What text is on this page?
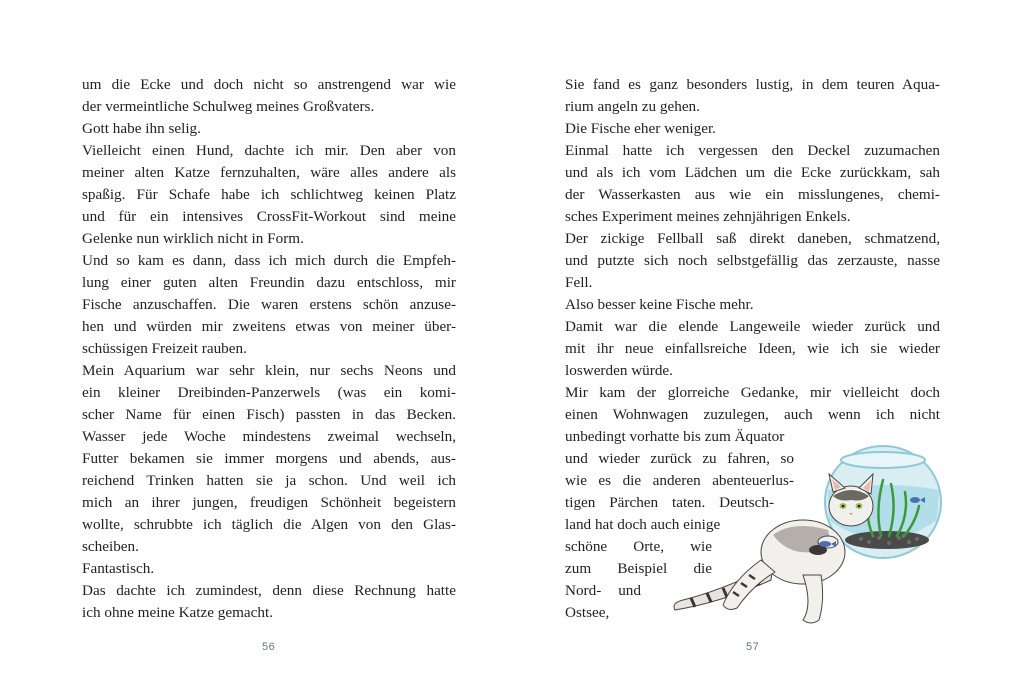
um die Ecke und doch nicht so anstrengend war wie
der vermeintliche Schulweg meines Großvaters.
Gott habe ihn selig.
Vielleicht einen Hund, dachte ich mir. Den aber von
meiner alten Katze fernzuhalten, wäre alles andere als
spaßig. Für Schafe habe ich schlichtweg keinen Platz
und für ein intensives CrossFit-Workout sind meine
Gelenke nun wirklich nicht in Form.
Und so kam es dann, dass ich mich durch die Empfeh-
lung einer guten alten Freundin dazu entschloss, mir
Fische anzuschaffen. Die waren erstens schön anzuse-
hen und würden mir zweitens etwas von meiner über-
schüssigen Freizeit rauben.
Mein Aquarium war sehr klein, nur sechs Neons und
ein kleiner Dreibinden-Panzerwels (was ein komi-
scher Name für einen Fisch) passten in das Becken.
Wasser jede Woche mindestens zweimal wechseln,
Futter bekamen sie immer morgens und abends, aus-
reichend Trinken hatten sie ja schon. Und weil ich
mich an ihrer jungen, freudigen Schönheit begeistern
wollte, schrubbte ich täglich die Algen von den Glas-
scheiben.
Fantastisch.
Das dachte ich zumindest, denn diese Rechnung hatte
ich ohne meine Katze gemacht.
56
Sie fand es ganz besonders lustig, in dem teuren Aqua-
rium angeln zu gehen.
Die Fische eher weniger.
Einmal hatte ich vergessen den Deckel zuzumachen
und als ich vom Lädchen um die Ecke zurückkam, sah
der Wasserkasten aus wie ein misslungenes, chemi-
sches Experiment meines zehnjährigen Enkels.
Der zickige Fellball saß direkt daneben, schmatzend,
und putzte sich noch selbstgefällig das zerzauste, nasse
Fell.
Also besser keine Fische mehr.
Damit war die elende Langeweile wieder zurück und
mit ihr neue einfallsreiche Ideen, wie ich sie wieder
loswerden würde.
Mir kam der glorreiche Gedanke, mir vielleicht doch
einen Wohnwagen zuzulegen, auch wenn ich nicht
unbedingt vorhatte bis zum Äquator
und wieder zurück zu fahren, so
wie es die anderen abenteuerlus-
tigen Pärchen taten. Deutsch-
land hat doch auch einige
schöne Orte, wie
zum Beispiel die
Nord- und
Ostsee,
57
